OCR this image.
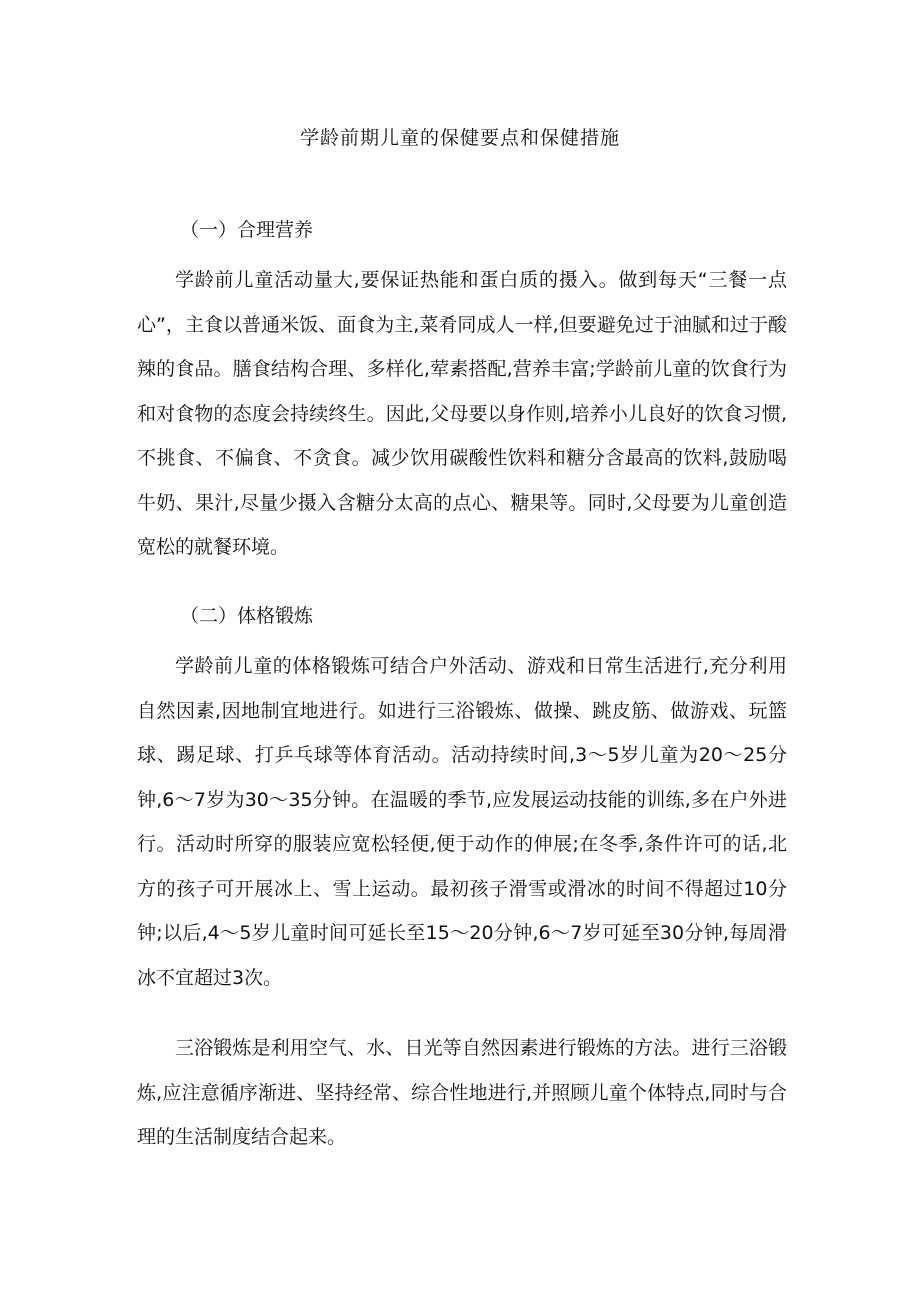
学龄前期儿童的保健要点和保健措施
（一）合理营养
学龄前儿童活动量大,要保证热能和蛋白质的摄入。做到每天“三餐一点心”，主食以普通米饭、面食为主,菜肴同成人一样,但要避免过于油腻和过于酸辣的食品。膳食结构合理、多样化,荤素搭配,营养丰富;学龄前儿童的饮食行为和对食物的态度会持续终生。因此,父母要以身作则,培养小儿良好的饮食习惯,不挑食、不偏食、不贪食。减少饮用碳酸性饮料和糖分含最高的饮料,鼓励喝牛奶、果汁,尽量少摄入含糖分太高的点心、糖果等。同时,父母要为儿童创造宽松的就餐环境。
（二）体格锻炼
学龄前儿童的体格锻炼可结合户外活动、游戏和日常生活进行,充分利用自然因素,因地制宜地进行。如进行三浴锻炼、做操、跳皮筋、做游戏、玩篮球、踢足球、打乒乓球等体育活动。活动持续时间,3～5岁儿童为20～25分钟,6～7岁为30～35分钟。在温暖的季节,应发展运动技能的训练,多在户外进行。活动时所穿的服装应宽松轻便,便于动作的伸展;在冬季,条件许可的话,北方的孩子可开展冰上、雪上运动。最初孩子滑雪或滑冰的时间不得超过10分钟;以后,4～5岁儿童时间可延长至15～20分钟,6～7岁可延至30分钟,每周滑冰不宜超过3次。
三浴锻炼是利用空气、水、日光等自然因素进行锻炼的方法。进行三浴锻炼,应注意循序渐进、坚持经常、综合性地进行,并照顾儿童个体特点,同时与合理的生活制度结合起来。
